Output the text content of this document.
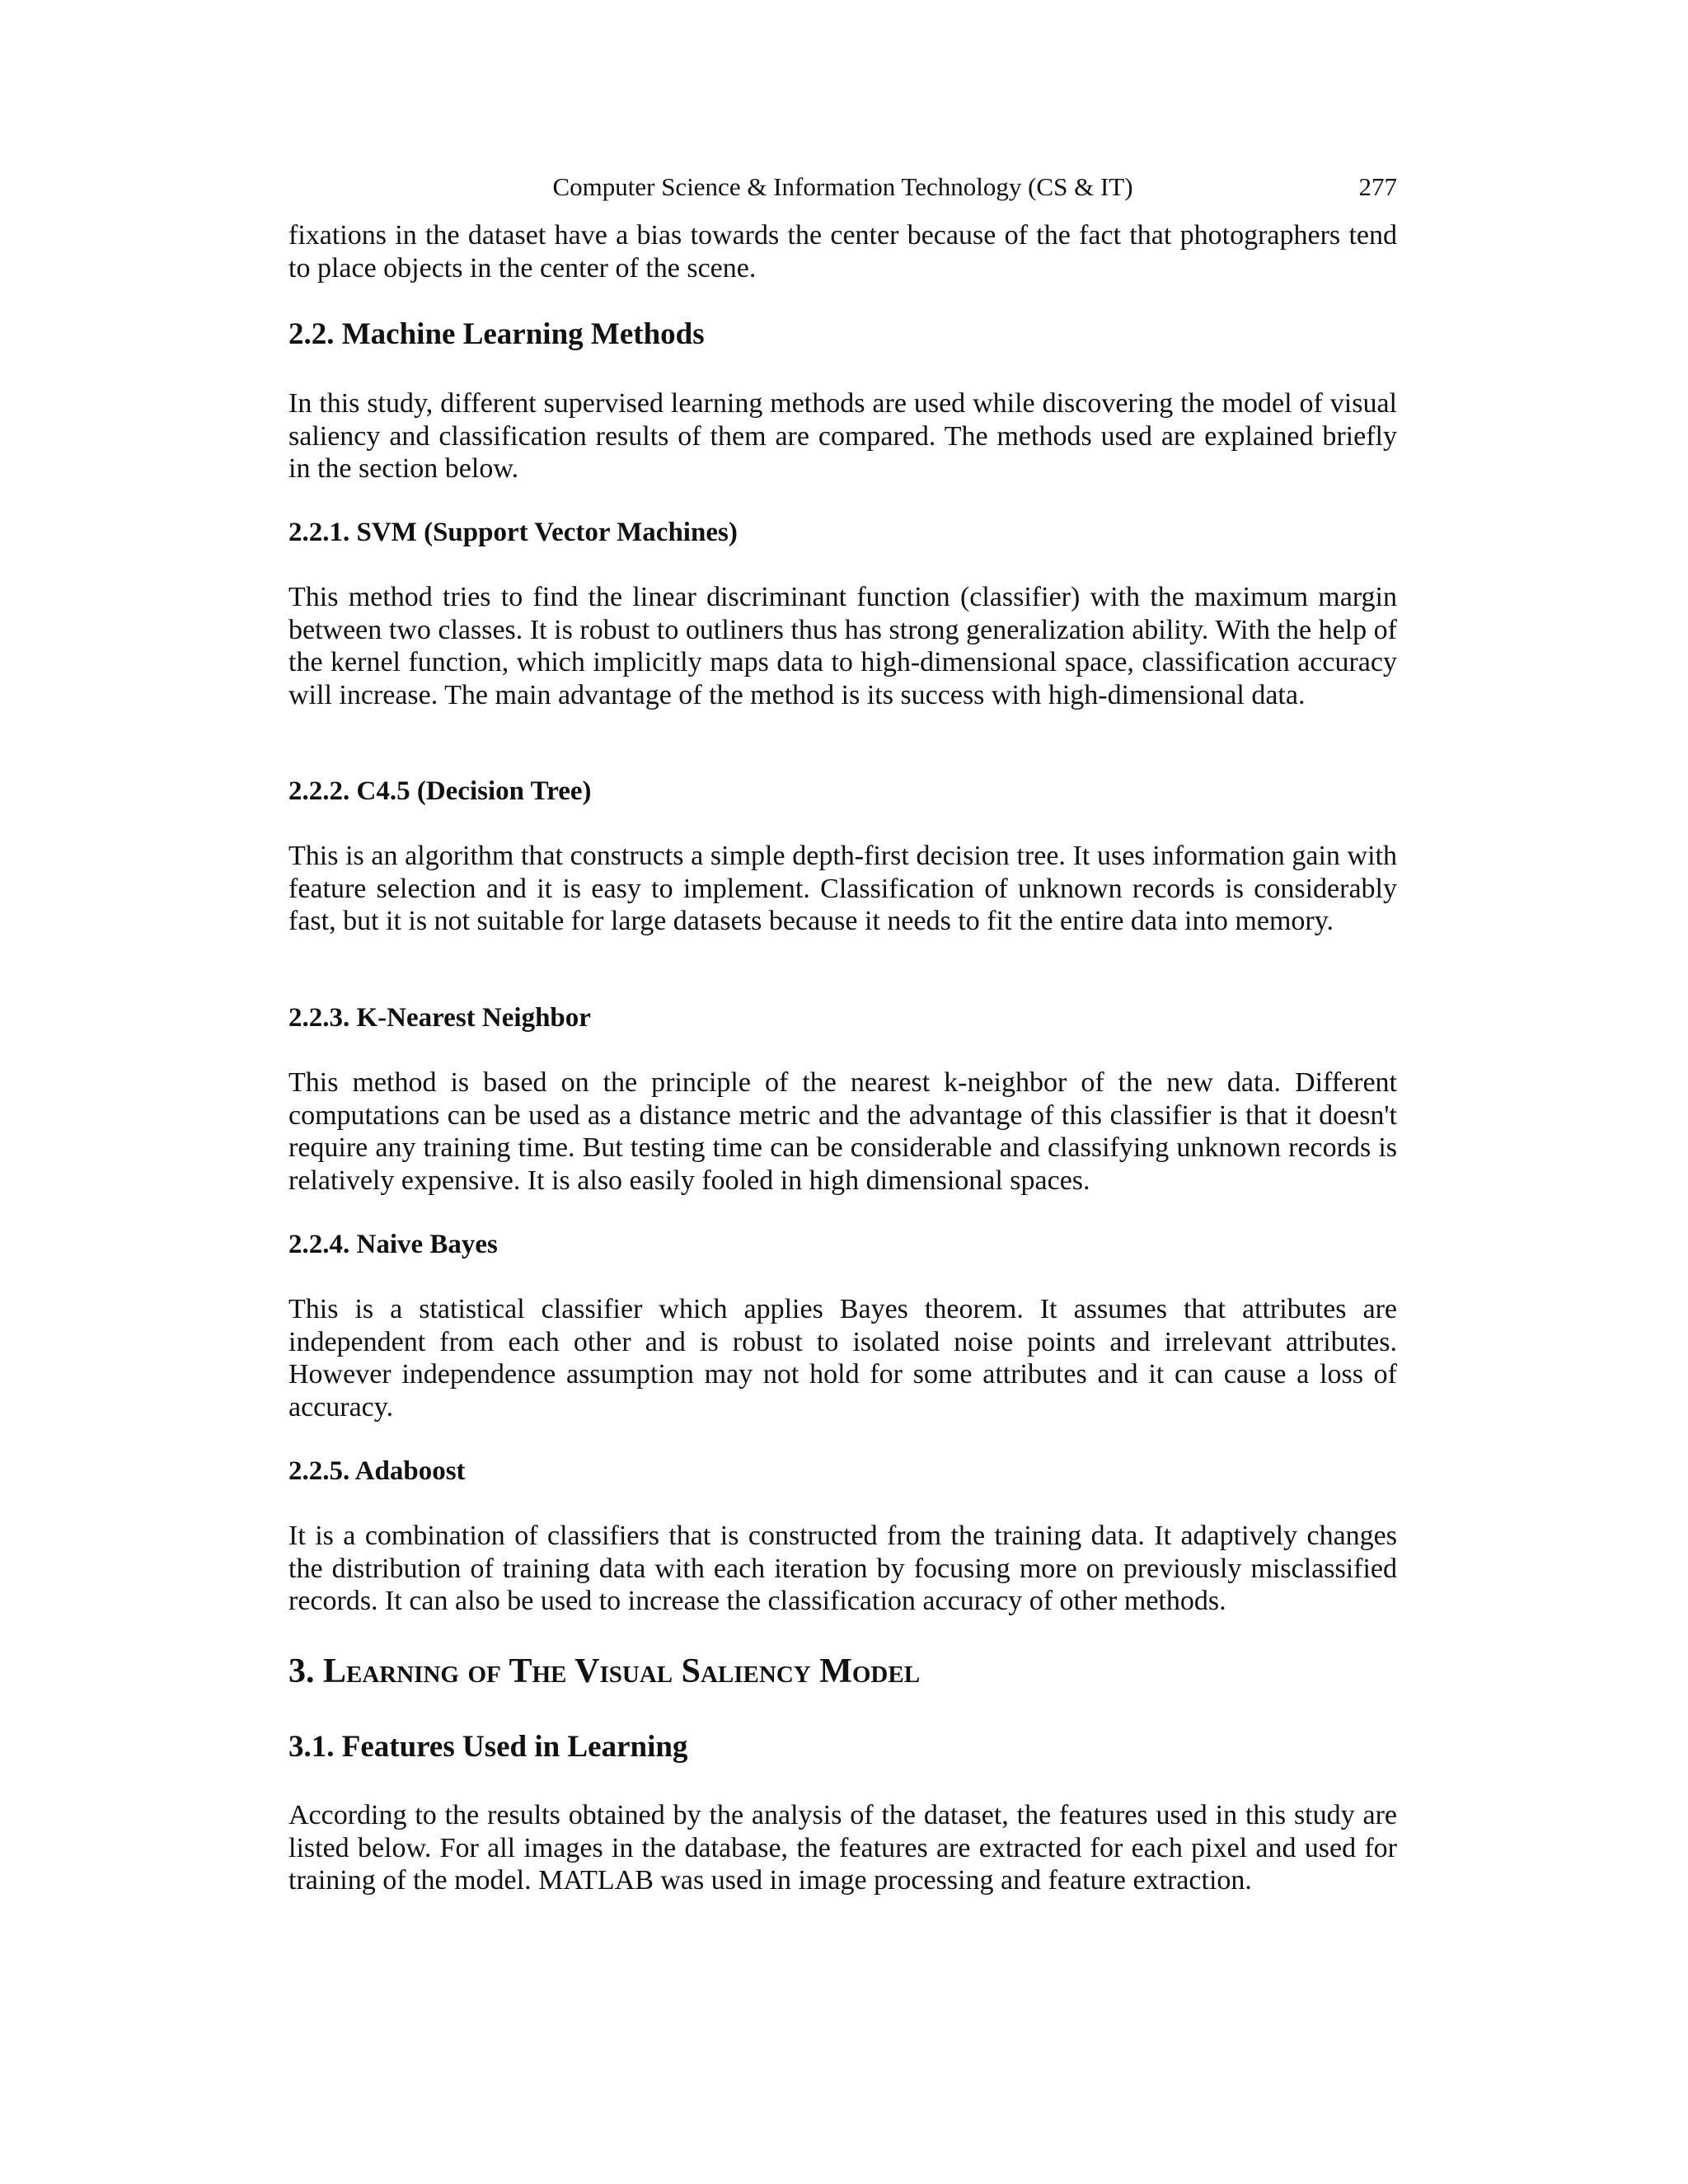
Computer Science & Information Technology (CS & IT)	277

fixations in the dataset have a bias towards the center because of the fact that photographers tend to place objects in the center of the scene.

2.2. Machine Learning Methods

In this study, different supervised learning methods are used while discovering the model of visual saliency and classification results of them are compared. The methods used are explained briefly in the section below.

2.2.1. SVM (Support Vector Machines)

This method tries to find the linear discriminant function (classifier) with the maximum margin between two classes. It is robust to outliners thus has strong generalization ability. With the help of the kernel function, which implicitly maps data to high-dimensional space, classification accuracy will increase. The main advantage of the method is its success with high-dimensional data.

2.2.2. C4.5 (Decision Tree)

This is an algorithm that constructs a simple depth-first decision tree. It uses information gain with feature selection and it is easy to implement. Classification of unknown records is considerably fast, but it is not suitable for large datasets because it needs to fit the entire data into memory.

2.2.3. K-Nearest Neighbor

This method is based on the principle of the nearest k-neighbor of the new data. Different computations can be used as a distance metric and the advantage of this classifier is that it doesn't require any training time. But testing time can be considerable and classifying unknown records is relatively expensive. It is also easily fooled in high dimensional spaces.

2.2.4. Naive Bayes

This is a statistical classifier which applies Bayes theorem. It assumes that attributes are independent from each other and is robust to isolated noise points and irrelevant attributes. However independence assumption may not hold for some attributes and it can cause a loss of accuracy.

2.2.5. Adaboost

It is a combination of classifiers that is constructed from the training data. It adaptively changes the distribution of training data with each iteration by focusing more on previously misclassified records. It can also be used to increase the classification accuracy of other methods.

3. Learning of The Visual Saliency Model
3.1. Features Used in Learning

According to the results obtained by the analysis of the dataset, the features used in this study are listed below. For all images in the database, the features are extracted for each pixel and used for training of the model. MATLAB was used in image processing and feature extraction.
